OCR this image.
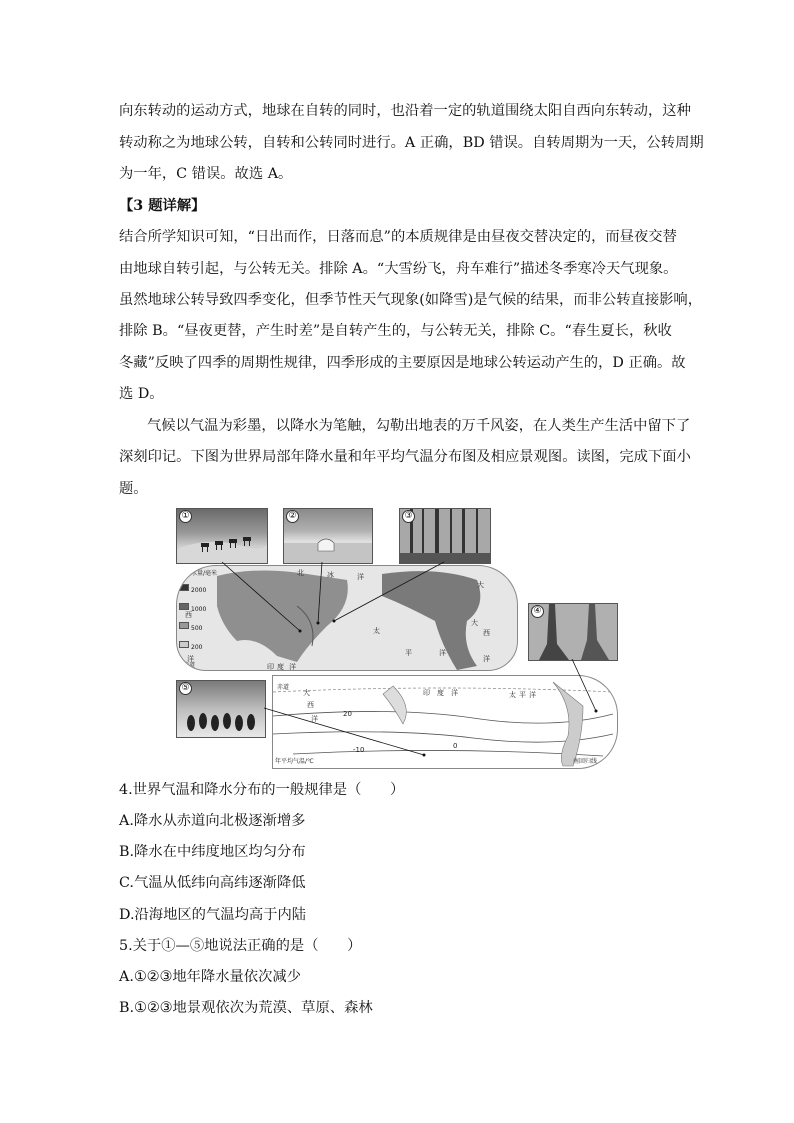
向东转动的运动方式，地球在自转的同时，也沿着一定的轨道围绕太阳自西向东转动，这种
转动称之为地球公转，自转和公转同时进行。A 正确，BD 错误。自转周期为一天，公转周期
为一年，C 错误。故选 A。
【3 题详解】
结合所学知识可知，“日出而作，日落而息”的本质规律是由昼夜交替决定的，而昼夜交替
由地球自转引起，与公转无关。排除 A。“大雪纷飞，舟车难行”描述冬季寒冷天气现象。
虽然地球公转导致四季变化，但季节性天气现象(如降雪)是气候的结果，而非公转直接影响，
排除 B。“昼夜更替，产生时差”是自转产生的，与公转无关，排除 C。“春生夏长，秋收
冬藏”反映了四季的周期性规律，四季形成的主要原因是地球公转运动产生的，D 正确。故
选 D。
气候以气温为彩墨，以降水为笔触，勾勒出地表的万千风姿，在人类生产生活中留下了
深刻印记。下图为世界局部年降水量和年平均气温分布图及相应景观图。读图，完成下面小
题。
①	②	③
年降水量/毫米
2000
1000
500
200
北	冰	洋
大
西
洋
印 度 洋
太
平	洋
大
西
洋
赤道
④
⑤	赤道
大
西
洋
印 度 洋	太 平 洋
20
0
-10
年平均气温/℃	南回归线
4.世界气温和降水分布的一般规律是（　　）
A.降水从赤道向北极逐渐增多
B.降水在中纬度地区均匀分布
C.气温从低纬向高纬逐渐降低
D.沿海地区的气温均高于内陆
5.关于①—⑤地说法正确的是（　　）
A.①②③地年降水量依次减少
B.①②③地景观依次为荒漠、草原、森林
